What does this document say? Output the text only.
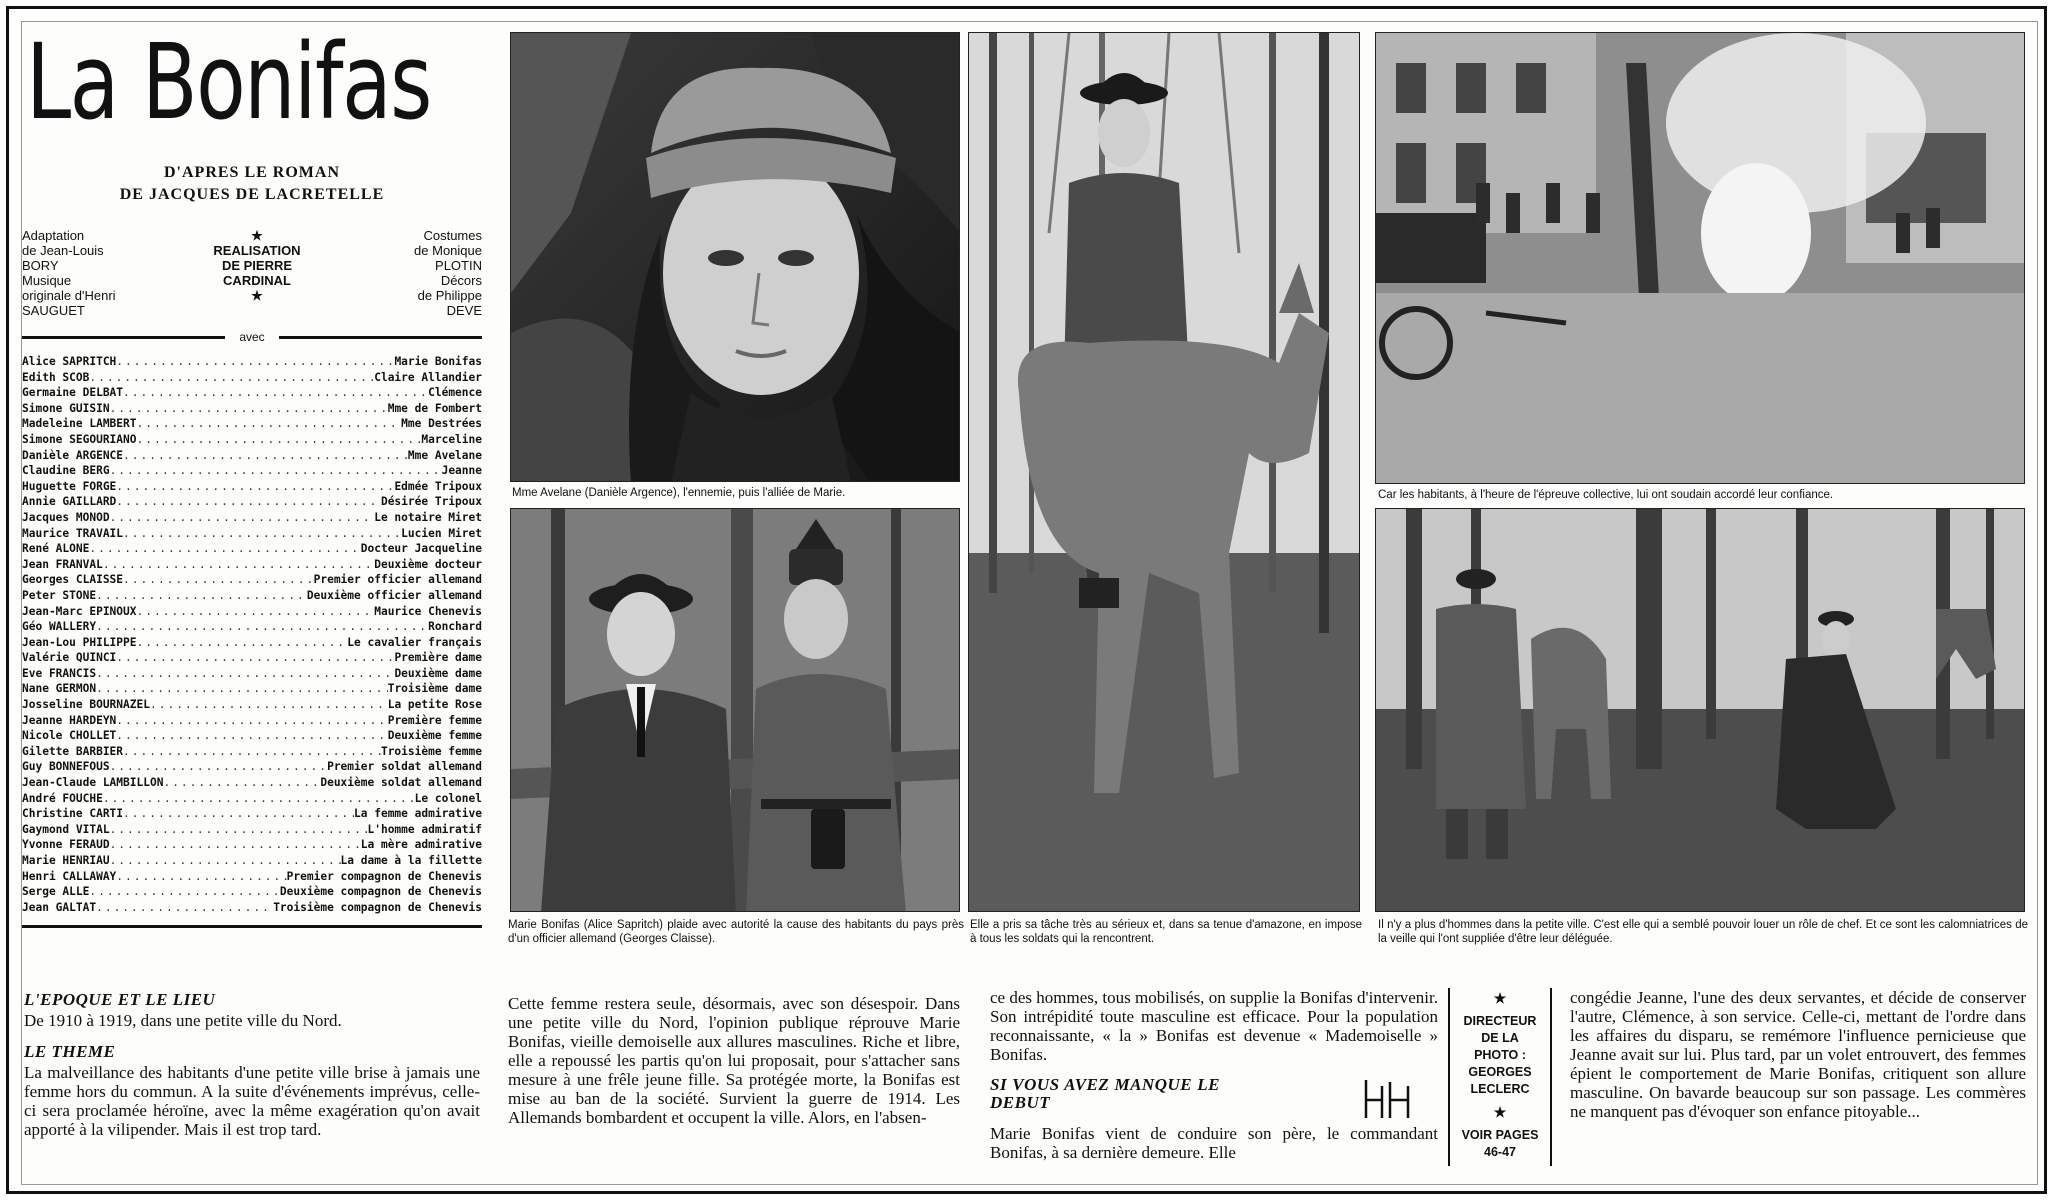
La Bonifas
D'APRES LE ROMAN
DE JACQUES DE LACRETELLE
Adaptation
de Jean-Louis
BORY
Musique
originale d'Henri
SAUGUET
★
REALISATION
DE PIERRE
CARDINAL
★
Costumes
de Monique
PLOTIN
Décors
de Philippe
DEVE
avec
Alice SAPRITCH .....	Marie Bonifas
Edith SCOB .....	Claire Allandier
Germaine DELBAT .....	Clémence
Simone GUISIN .....	Mme de Fombert
Madeleine LAMBERT .....	Mme Destrées
Simone SEGOURIANO .....	Marceline
Danièle ARGENCE .....	Mme Avelane
Claudine BERG .....	Jeanne
Huguette FORGE .....	Edmée Tripoux
Annie GAILLARD .....	Désirée Tripoux
Jacques MONOD .....	Le notaire Miret
Maurice TRAVAIL .....	Lucien Miret
René ALONE .....	Docteur Jacqueline
Jean FRANVAL .....	Deuxième docteur
Georges CLAISSE .....	Premier officier allemand
Peter STONE .....	Deuxième officier allemand
Jean-Marc EPINOUX .....	Maurice Chenevis
Géo WALLERY .....	Ronchard
Jean-Lou PHILIPPE .....	Le cavalier français
Valérie QUINCI .....	Première dame
Eve FRANCIS .....	Deuxième dame
Nane GERMON .....	Troisième dame
Josseline BOURNAZEL .....	La petite Rose
Jeanne HARDEYN .....	Première femme
Nicole CHOLLET .....	Deuxième femme
Gilette BARBIER .....	Troisième femme
Guy BONNEFOUS .....	Premier soldat allemand
Jean-Claude LAMBILLON .....	Deuxième soldat allemand
André FOUCHE .....	Le colonel
Christine CARTI .....	La femme admirative
Gaymond VITAL .....	L'homme admiratif
Yvonne FERAUD .....	La mère admirative
Marie HENRIAU .....	La dame à la fillette
Henri CALLAWAY .....	Premier compagnon de Chenevis
Serge ALLE .....	Deuxième compagnon de Chenevis
Jean GALTAT .....	Troisième compagnon de Chenevis
Mme Avelane (Danièle Argence), l'ennemie, puis l'alliée de Marie.
Marie Bonifas (Alice Sapritch) plaide avec autorité la cause des habitants du pays près d'un officier allemand (Georges Claisse).
Elle a pris sa tâche très au sérieux et, dans sa tenue d'amazone, en impose à tous les soldats qui la rencontrent.
Car les habitants, à l'heure de l'épreuve collective, lui ont soudain accordé leur confiance.
Il n'y a plus d'hommes dans la petite ville. C'est elle qui a semblé pouvoir louer un rôle de chef. Et ce sont les calomniatrices de la veille qui l'ont suppliée d'être leur déléguée.
L'EPOQUE ET LE LIEU
De 1910 à 1919, dans une petite ville du Nord.
LE THEME
La malveillance des habitants d'une petite ville brise à jamais une femme hors du commun. A la suite d'événements imprévus, celle-ci sera proclamée héroïne, avec la même exagération qu'on avait apporté à la vilipender. Mais il est trop tard.
Cette femme restera seule, désormais, avec son désespoir. Dans une petite ville du Nord, l'opinion publique réprouve Marie Bonifas, vieille demoiselle aux allures masculines. Riche et libre, elle a repoussé les partis qu'on lui proposait, pour s'attacher sans mesure à une frêle jeune fille. Sa protégée morte, la Bonifas est mise au ban de la société. Survient la guerre de 1914. Les Allemands bombardent et occupent la ville. Alors, en l'absen-
ce des hommes, tous mobilisés, on supplie la Bonifas d'intervenir. Son intrépidité toute masculine est efficace. Pour la population reconnaissante, « la » Bonifas est devenue « Mademoiselle » Bonifas.
SI VOUS AVEZ MANQUE LE DEBUT
Marie Bonifas vient de conduire son père, le commandant Bonifas, à sa dernière demeure. Elle
★
DIRECTEUR
DE LA
PHOTO :
GEORGES
LECLERC
★
VOIR PAGES
46-47
congédie Jeanne, l'une des deux servantes, et décide de conserver l'autre, Clémence, à son service. Celle-ci, mettant de l'ordre dans les affaires du disparu, se remémore l'influence pernicieuse que Jeanne avait sur lui. Plus tard, par un volet entrouvert, des femmes épient le comportement de Marie Bonifas, critiquent son allure masculine. On bavarde beaucoup sur son passage. Les commères ne manquent pas d'évoquer son enfance pitoyable...
